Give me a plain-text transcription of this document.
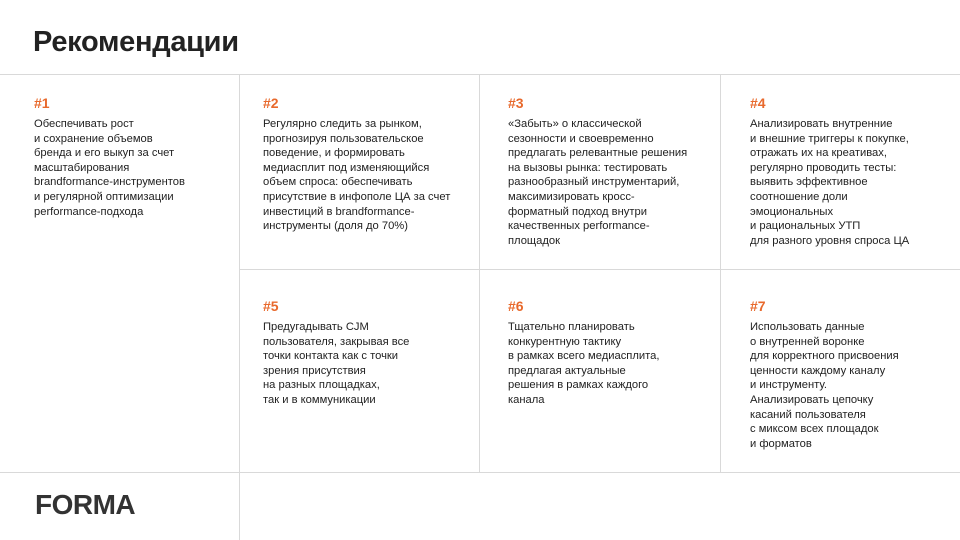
Рекомендации
#1

Обеспечивать рост
и сохранение объемов
бренда и его выкуп за счет
масштабирования
brandformance-инструментов
и регулярной оптимизации
performance-подхода

#2

Регулярно следить за рынком,
прогнозируя пользовательское
поведение, и формировать
медиасплит под изменяющийся
объем спроса: обеспечивать
присутствие в инфополе ЦА за счет
инвестиций в brandformance-
инструменты (доля до 70%)

#3

«Забыть» о классической
сезонности и своевременно
предлагать релевантные решения
на вызовы рынка: тестировать
разнообразный инструментарий,
максимизировать кросс-
форматный подход внутри
качественных performance-
площадок

#4

Анализировать внутренние
и внешние триггеры к покупке,
отражать их на креативах,
регулярно проводить тесты:
выявить эффективное
соотношение доли
эмоциональных
и рациональных УТП
для разного уровня спроса ЦА

#5

Предугадывать CJM
пользователя, закрывая все
точки контакта как с точки
зрения присутствия
на разных площадках,
так и в коммуникации

#6

Тщательно планировать
конкурентную тактику
в рамках всего медиасплита,
предлагая актуальные
решения в рамках каждого
канала

#7

Использовать данные
о внутренней воронке
для корректного присвоения
ценности каждому каналу
и инструменту.
Анализировать цепочку
касаний пользователя
с миксом всех площадок
и форматов

FORMA
